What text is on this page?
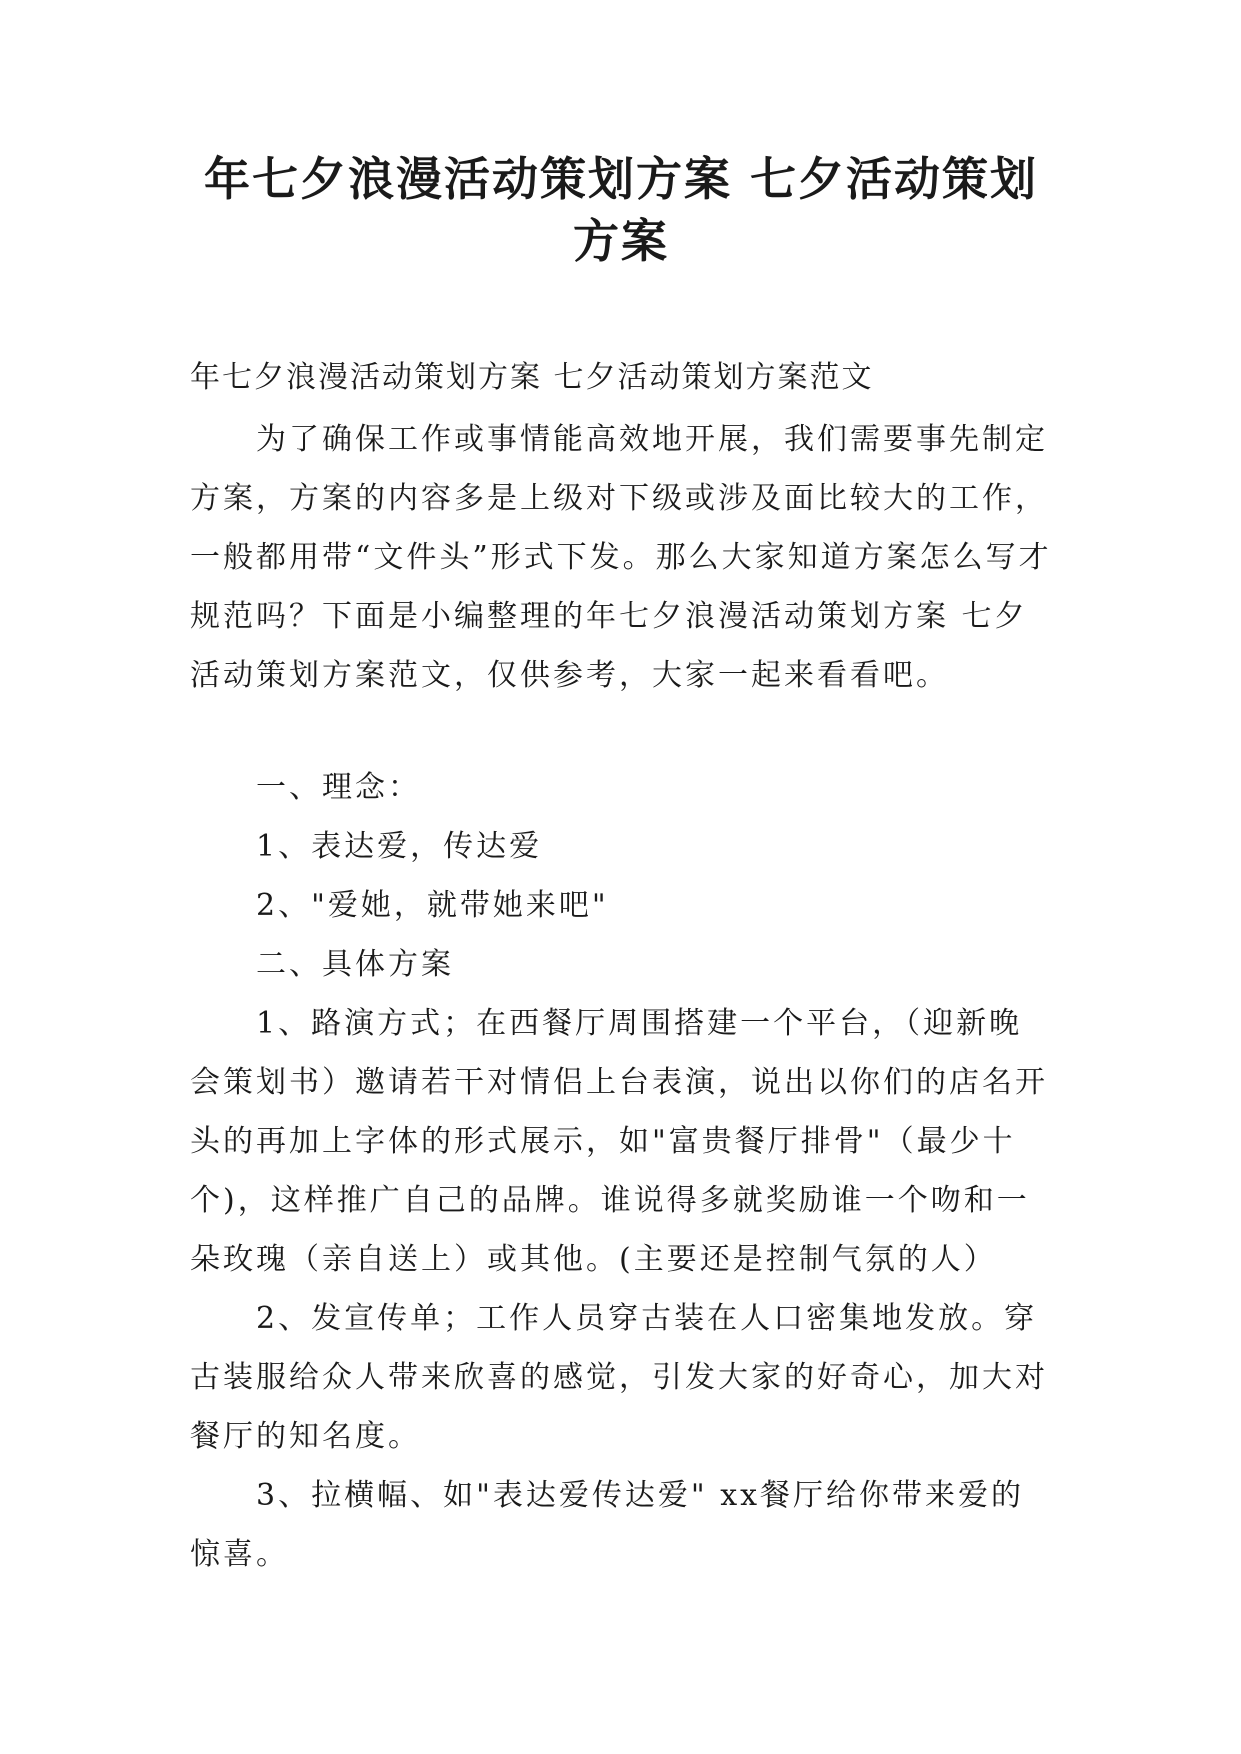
年七夕浪漫活动策划方案 七夕活动策划方案

年七夕浪漫活动策划方案 七夕活动策划方案范文

为了确保工作或事情能高效地开展，我们需要事先制定方案，方案的内容多是上级对下级或涉及面比较大的工作，一般都用带“文件头”形式下发。那么大家知道方案怎么写才规范吗？下面是小编整理的年七夕浪漫活动策划方案 七夕活动策划方案范文，仅供参考，大家一起来看看吧。

一、理念：

1、表达爱，传达爱

2、"爱她，就带她来吧"

二、具体方案

1、路演方式；在西餐厅周围搭建一个平台，（迎新晚会策划书）邀请若干对情侣上台表演，说出以你们的店名开头的再加上字体的形式展示，如"富贵餐厅排骨"（最少十个)，这样推广自己的品牌。谁说得多就奖励谁一个吻和一朵玫瑰（亲自送上）或其他。(主要还是控制气氛的人）

2、发宣传单；工作人员穿古装在人口密集地发放。穿古装服给众人带来欣喜的感觉，引发大家的好奇心，加大对餐厅的知名度。

3、拉横幅、如"表达爱传达爱" xx餐厅给你带来爱的惊喜。
